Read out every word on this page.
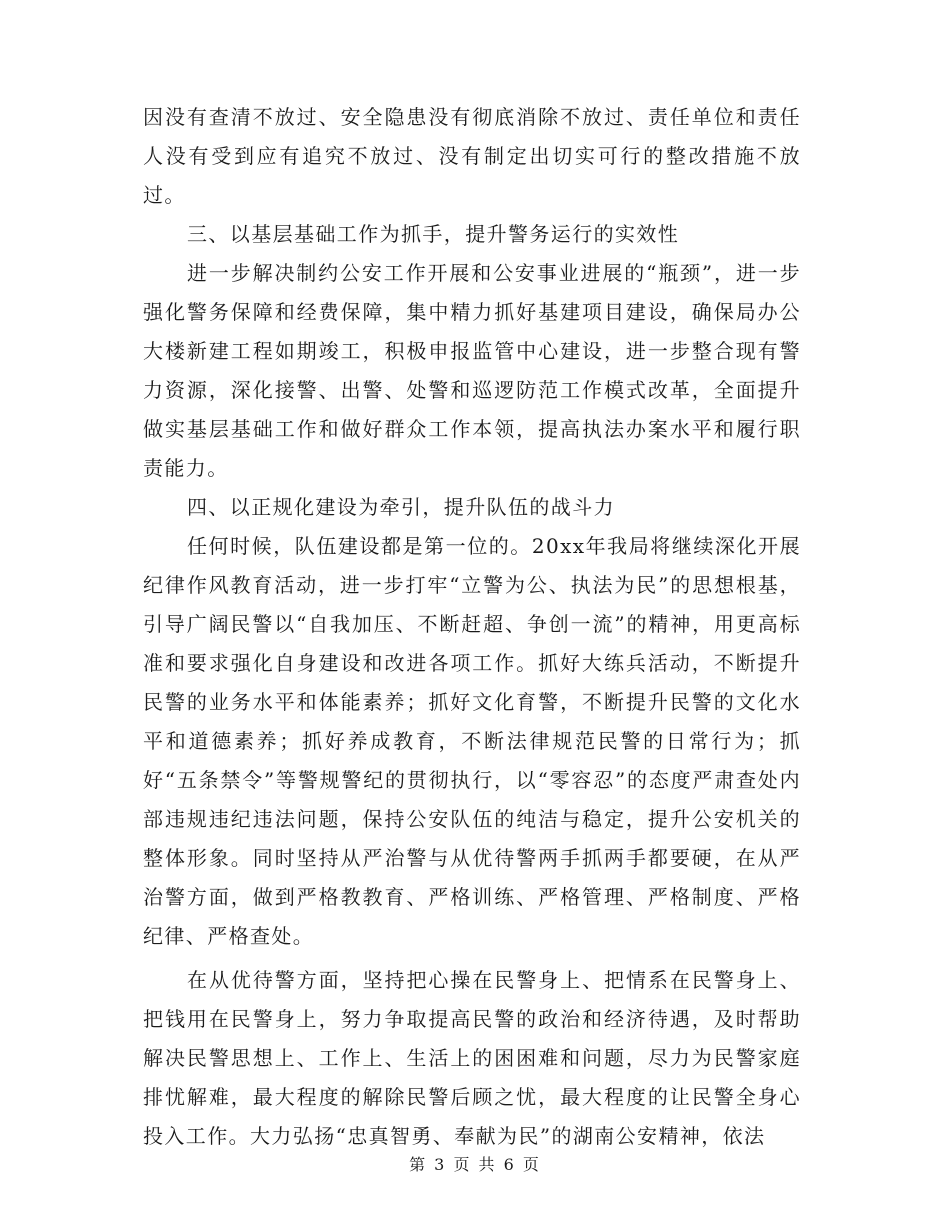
因没有查清不放过、安全隐患没有彻底消除不放过、责任单位和责任人没有受到应有追究不放过、没有制定出切实可行的整改措施不放过。

三、以基层基础工作为抓手，提升警务运行的实效性

进一步解决制约公安工作开展和公安事业进展的“瓶颈”，进一步强化警务保障和经费保障，集中精力抓好基建项目建设，确保局办公大楼新建工程如期竣工，积极申报监管中心建设，进一步整合现有警力资源，深化接警、出警、处警和巡逻防范工作模式改革，全面提升做实基层基础工作和做好群众工作本领，提高执法办案水平和履行职责能力。

四、以正规化建设为牵引，提升队伍的战斗力

任何时候，队伍建设都是第一位的。20xx年我局将继续深化开展纪律作风教育活动，进一步打牢“立警为公、执法为民”的思想根基，引导广阔民警以“自我加压、不断赶超、争创一流”的精神，用更高标准和要求强化自身建设和改进各项工作。抓好大练兵活动，不断提升民警的业务水平和体能素养；抓好文化育警，不断提升民警的文化水平和道德素养；抓好养成教育，不断法律规范民警的日常行为；抓好“五条禁令”等警规警纪的贯彻执行，以“零容忍”的态度严肃查处内部违规违纪违法问题，保持公安队伍的纯洁与稳定，提升公安机关的整体形象。同时坚持从严治警与从优待警两手抓两手都要硬，在从严治警方面，做到严格教教育、严格训练、严格管理、严格制度、严格纪律、严格查处。

在从优待警方面，坚持把心操在民警身上、把情系在民警身上、把钱用在民警身上，努力争取提高民警的政治和经济待遇，及时帮助解决民警思想上、工作上、生活上的困困难和问题，尽力为民警家庭排忧解难，最大程度的解除民警后顾之忧，最大程度的让民警全身心投入工作。大力弘扬“忠真智勇、奉献为民”的湖南公安精神，依法

第 3 页 共 6 页
